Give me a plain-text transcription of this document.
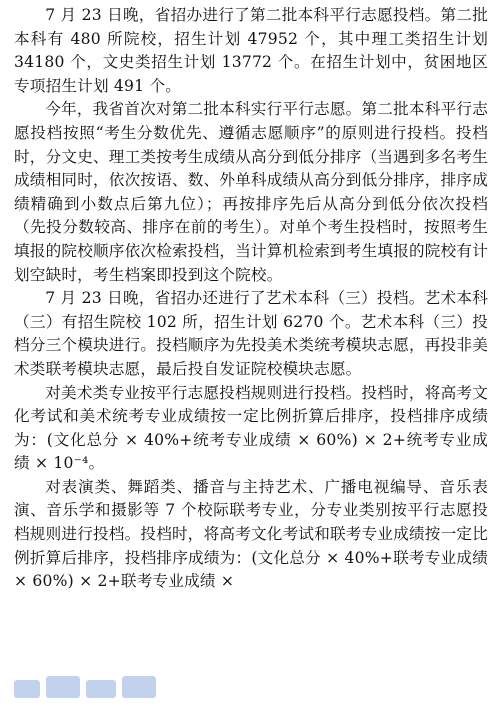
7 月 23 日晚，省招办进行了第二批本科平行志愿投档。第二批本科有 480 所院校，招生计划 47952 个，其中理工类招生计划 34180 个，文史类招生计划 13772 个。在招生计划中，贫困地区专项招生计划 491 个。

今年，我省首次对第二批本科实行平行志愿。第二批本科平行志愿投档按照“考生分数优先、遵循志愿顺序”的原则进行投档。投档时，分文史、理工类按考生成绩从高分到低分排序（当遇到多名考生成绩相同时，依次按语、数、外单科成绩从高分到低分排序，排序成绩精确到小数点后第九位）；再按排序先后从高分到低分依次投档（先投分数较高、排序在前的考生）。对单个考生投档时，按照考生填报的院校顺序依次检索投档，当计算机检索到考生填报的院校有计划空缺时，考生档案即投到这个院校。

7 月 23 日晚，省招办还进行了艺术本科（三）投档。艺术本科（三）有招生院校 102 所，招生计划 6270 个。艺术本科（三）投档分三个模块进行。投档顺序为先投美术类统考模块志愿，再投非美术类联考模块志愿，最后投自发证院校模块志愿。

对美术类专业按平行志愿投档规则进行投档。投档时，将高考文化考试和美术统考专业成绩按一定比例折算后排序，投档排序成绩为：(文化总分 × 40%+统考专业成绩 × 60%) × 2+统考专业成绩 × 10⁻⁴。

对表演类、舞蹈类、播音与主持艺术、广播电视编导、音乐表演、音乐学和摄影等 7 个校际联考专业，分专业类别按平行志愿投档规则进行投档。投档时，将高考文化考试和联考专业成绩按一定比例折算后排序，投档排序成绩为：(文化总分 × 40%+联考专业成绩 × 60%) × 2+联考专业成绩 ×
